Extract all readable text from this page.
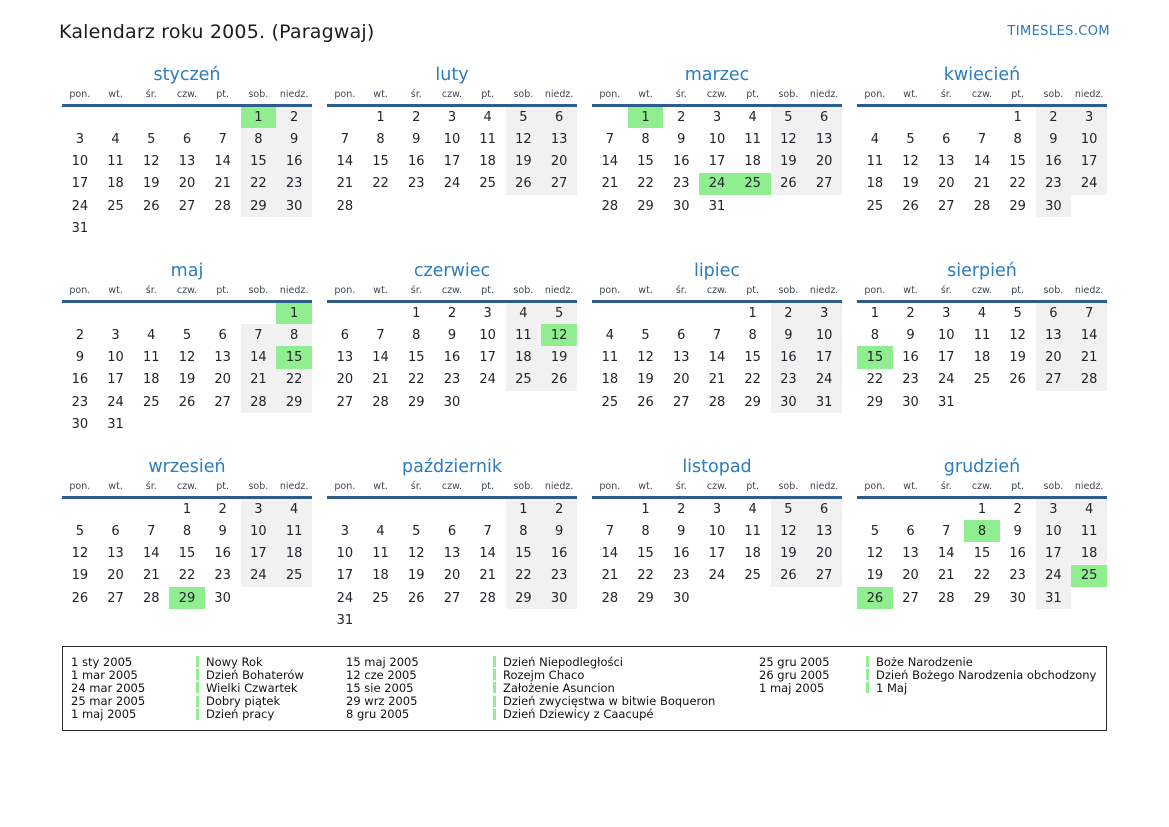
Kalendarz roku 2005. (Paragwaj)	TIMESLES.COM
styczeń
pon.	wt.	śr.	czw.	pt.	sob.	niedz.
					1	2
3	4	5	6	7	8	9
10	11	12	13	14	15	16
17	18	19	20	21	22	23
24	25	26	27	28	29	30
31						
luty
pon.	wt.	śr.	czw.	pt.	sob.	niedz.
	1	2	3	4	5	6
7	8	9	10	11	12	13
14	15	16	17	18	19	20
21	22	23	24	25	26	27
28						
marzec
pon.	wt.	śr.	czw.	pt.	sob.	niedz.
	1	2	3	4	5	6
7	8	9	10	11	12	13
14	15	16	17	18	19	20
21	22	23	24	25	26	27
28	29	30	31			
kwiecień
pon.	wt.	śr.	czw.	pt.	sob.	niedz.
				1	2	3
4	5	6	7	8	9	10
11	12	13	14	15	16	17
18	19	20	21	22	23	24
25	26	27	28	29	30	
maj
pon.	wt.	śr.	czw.	pt.	sob.	niedz.
						1
2	3	4	5	6	7	8
9	10	11	12	13	14	15
16	17	18	19	20	21	22
23	24	25	26	27	28	29
30	31					
czerwiec
pon.	wt.	śr.	czw.	pt.	sob.	niedz.
		1	2	3	4	5
6	7	8	9	10	11	12
13	14	15	16	17	18	19
20	21	22	23	24	25	26
27	28	29	30			
lipiec
pon.	wt.	śr.	czw.	pt.	sob.	niedz.
				1	2	3
4	5	6	7	8	9	10
11	12	13	14	15	16	17
18	19	20	21	22	23	24
25	26	27	28	29	30	31
sierpień
pon.	wt.	śr.	czw.	pt.	sob.	niedz.
1	2	3	4	5	6	7
8	9	10	11	12	13	14
15	16	17	18	19	20	21
22	23	24	25	26	27	28
29	30	31				
wrzesień
pon.	wt.	śr.	czw.	pt.	sob.	niedz.
			1	2	3	4
5	6	7	8	9	10	11
12	13	14	15	16	17	18
19	20	21	22	23	24	25
26	27	28	29	30		
październik
pon.	wt.	śr.	czw.	pt.	sob.	niedz.
					1	2
3	4	5	6	7	8	9
10	11	12	13	14	15	16
17	18	19	20	21	22	23
24	25	26	27	28	29	30
31						
listopad
pon.	wt.	śr.	czw.	pt.	sob.	niedz.
	1	2	3	4	5	6
7	8	9	10	11	12	13
14	15	16	17	18	19	20
21	22	23	24	25	26	27
28	29	30				
grudzień
pon.	wt.	śr.	czw.	pt.	sob.	niedz.
			1	2	3	4
5	6	7	8	9	10	11
12	13	14	15	16	17	18
19	20	21	22	23	24	25
26	27	28	29	30	31	
1 sty 2005	Nowy Rok
1 mar 2005	Dzień Bohaterów
24 mar 2005	Wielki Czwartek
25 mar 2005	Dobry piątek
1 maj 2005	Dzień pracy
15 maj 2005	Dzień Niepodległości
12 cze 2005	Rozejm Chaco
15 sie 2005	Założenie Asuncion
29 wrz 2005	Dzień zwycięstwa w bitwie Boqueron
8 gru 2005	Dzień Dziewicy z Caacupé
25 gru 2005	Boże Narodzenie
26 gru 2005	Dzień Bożego Narodzenia obchodzony
1 maj 2005	1 Maj
